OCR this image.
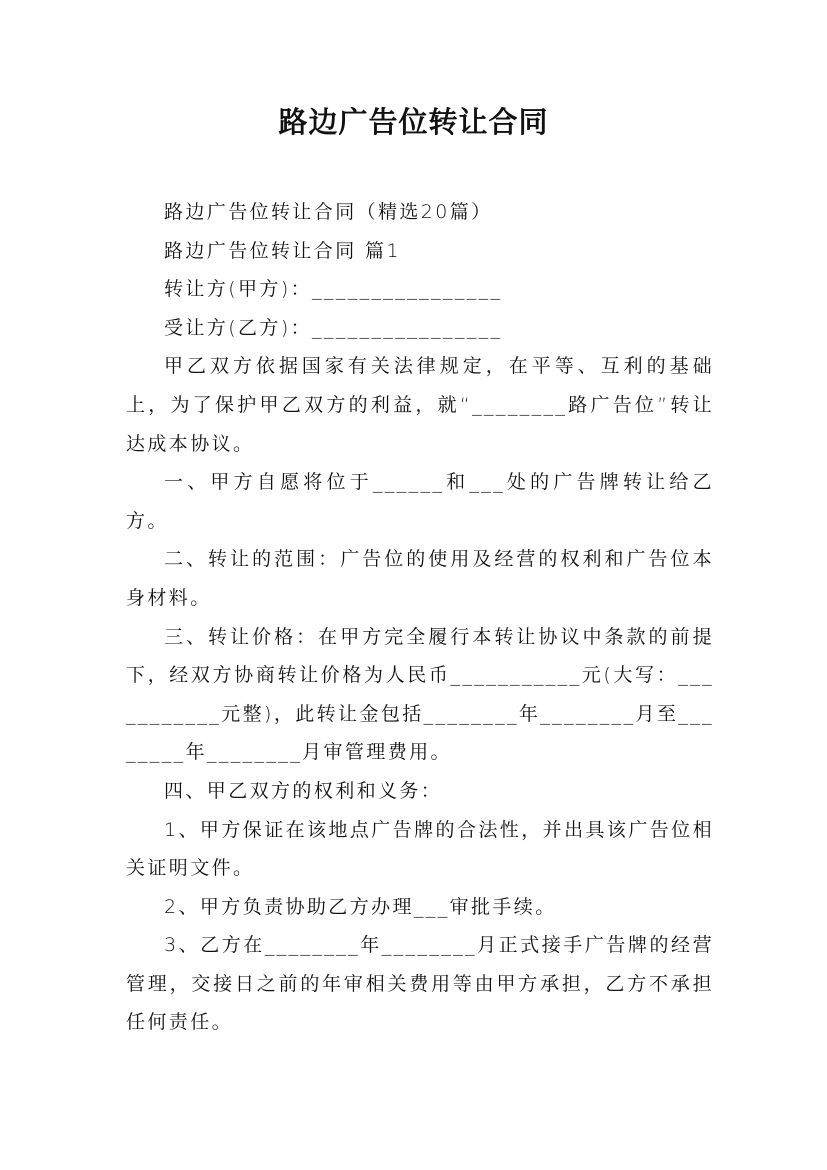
路边广告位转让合同

路边广告位转让合同（精选20篇）

路边广告位转让合同 篇1

转让方(甲方)：________________

受让方(乙方)：________________

甲乙双方依据国家有关法律规定，在平等、互利的基础上，为了保护甲乙双方的利益，就“________路广告位”转让达成本协议。

一、甲方自愿将位于______和___处的广告牌转让给乙方。

二、转让的范围：广告位的使用及经营的权利和广告位本身材料。

三、转让价格：在甲方完全履行本转让协议中条款的前提下，经双方协商转让价格为人民币___________元(大写：___________元整)，此转让金包括________年________月至________年________月审管理费用。

四、甲乙双方的权利和义务：

1、甲方保证在该地点广告牌的合法性，并出具该广告位相关证明文件。

2、甲方负责协助乙方办理___审批手续。

3、乙方在________年________月正式接手广告牌的经营管理，交接日之前的年审相关费用等由甲方承担，乙方不承担任何责任。
